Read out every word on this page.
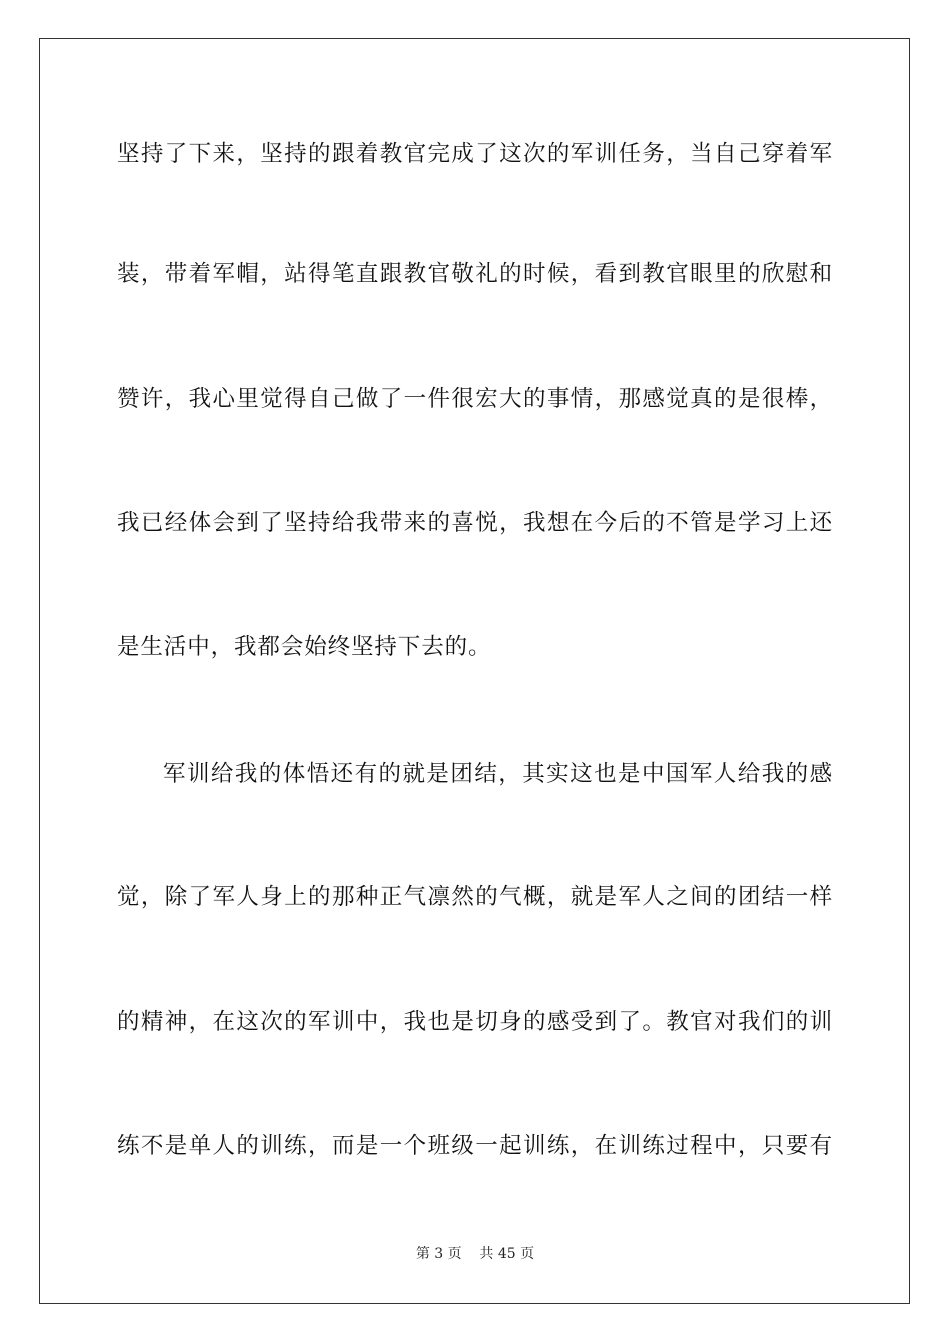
坚持了下来，坚持的跟着教官完成了这次的军训任务，当自己穿着军
装，带着军帽，站得笔直跟教官敬礼的时候，看到教官眼里的欣慰和
赞许，我心里觉得自己做了一件很宏大的事情，那感觉真的是很棒，
我已经体会到了坚持给我带来的喜悦，我想在今后的不管是学习上还
是生活中，我都会始终坚持下去的。
军训给我的体悟还有的就是团结，其实这也是中国军人给我的感
觉，除了军人身上的那种正气凛然的气概，就是军人之间的团结一样
的精神，在这次的军训中，我也是切身的感受到了。教官对我们的训
练不是单人的训练，而是一个班级一起训练，在训练过程中，只要有
第 3 页    共 45 页
